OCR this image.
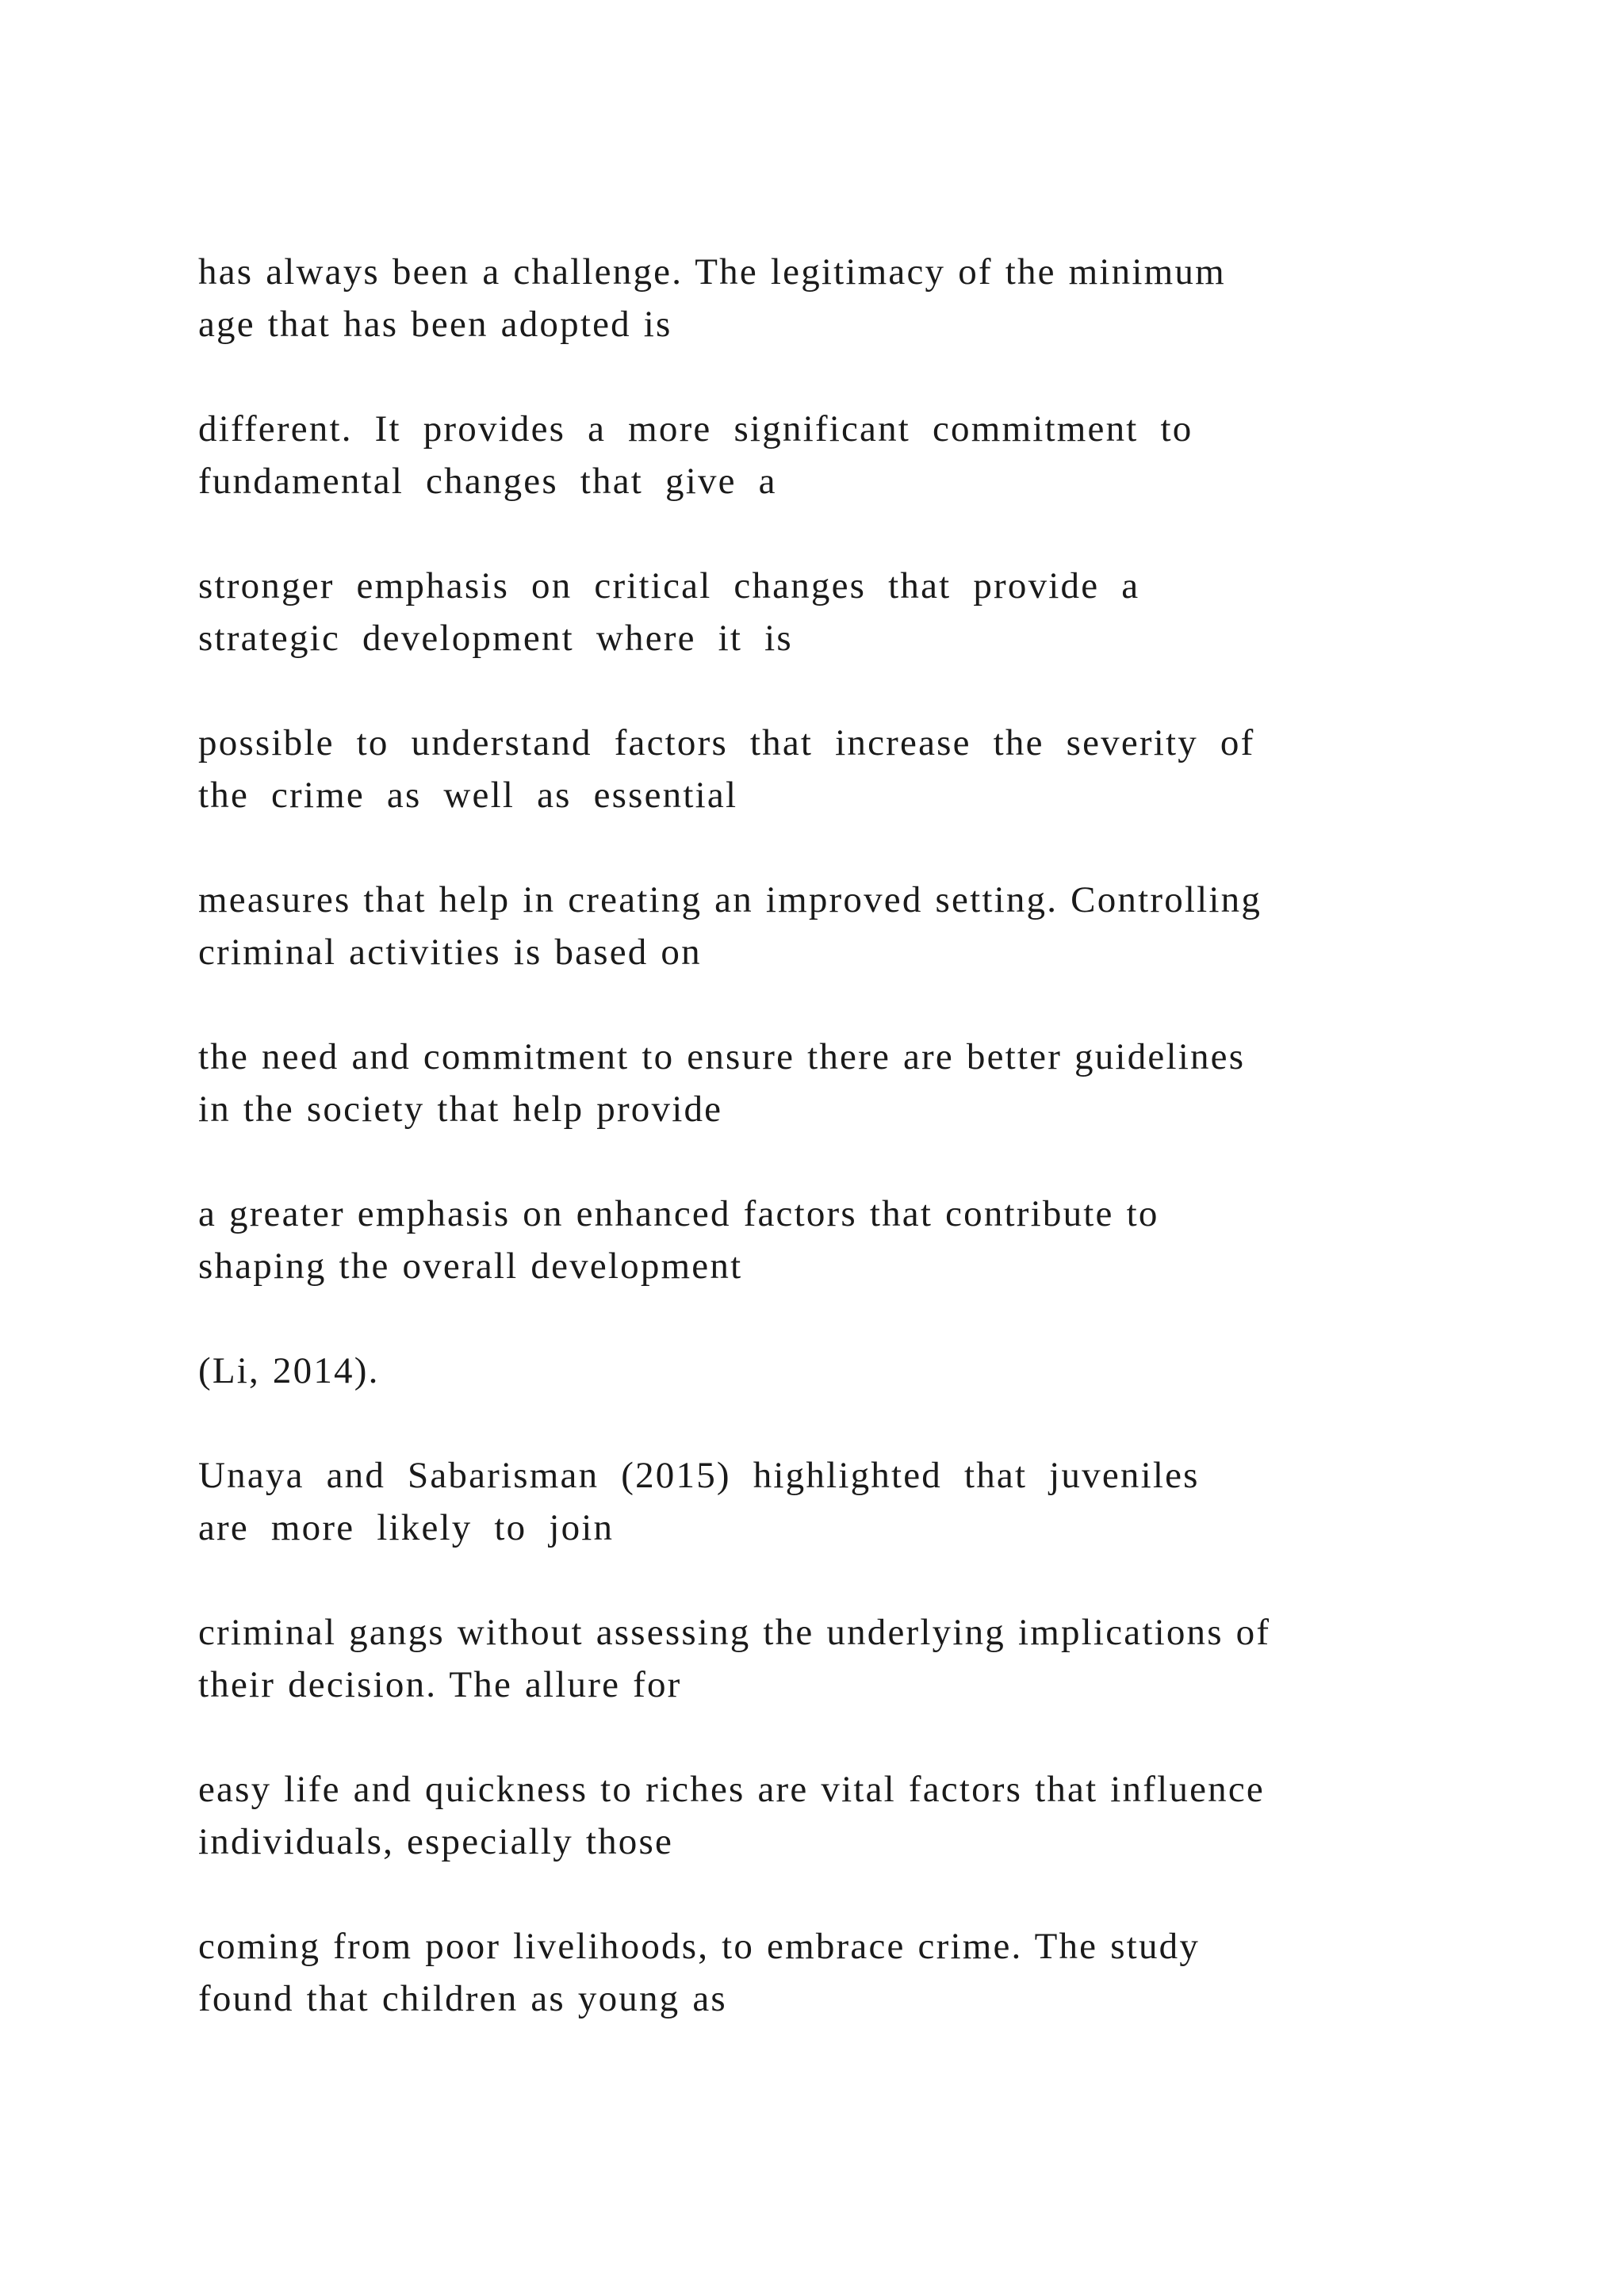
has always been a challenge. The legitimacy of the minimum
age that has been adopted is

different. It provides a more significant commitment to
fundamental changes that give a

stronger emphasis on critical changes that provide a
strategic development where it is

possible to understand factors that increase the severity of
the crime as well as essential

measures that help in creating an improved setting. Controlling
criminal activities is based on

the need and commitment to ensure there are better guidelines
in the society that help provide

a greater emphasis on enhanced factors that contribute to
shaping the overall development

(Li, 2014).

Unaya and Sabarisman (2015) highlighted that juveniles
are more likely to join

criminal gangs without assessing the underlying implications of
their decision. The allure for

easy life and quickness to riches are vital factors that influence
individuals, especially those

coming from poor livelihoods, to embrace crime. The study
found that children as young as
